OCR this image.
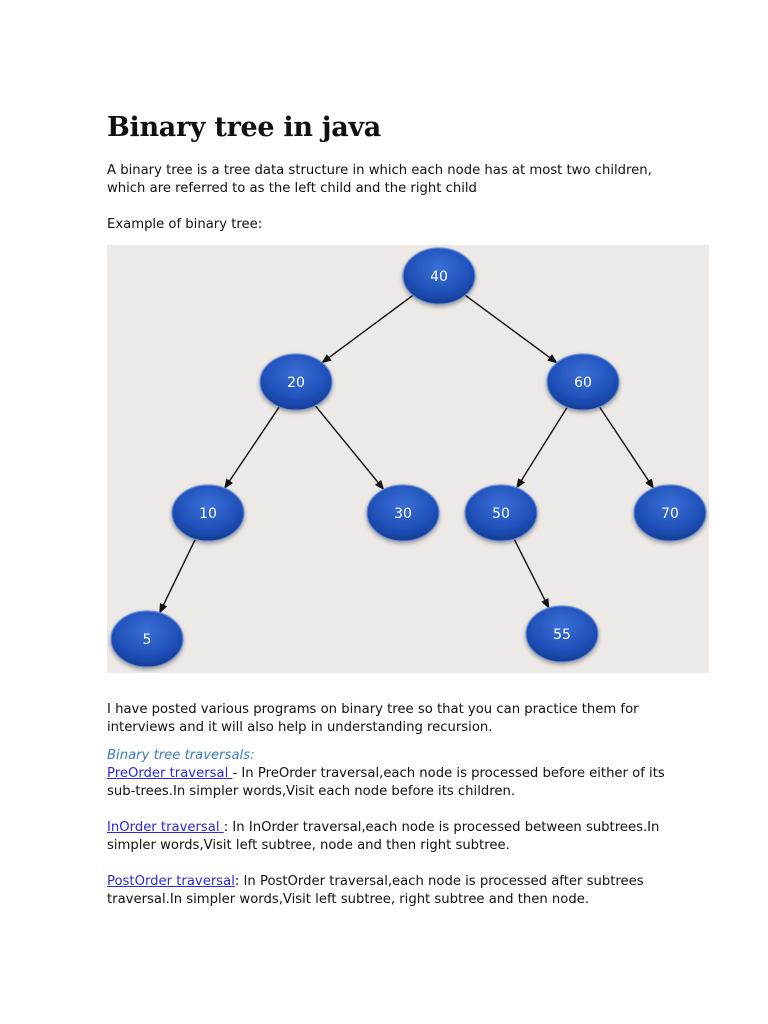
Binary tree in java

A binary tree is a tree data structure in which each node has at most two children, which are referred to as the left child and the right child

Example of binary tree:

40
20	60
10	30	50	70
5	55

I have posted various programs on binary tree so that you can practice them for interviews and it will also help in understanding recursion.

Binary tree traversals:

PreOrder traversal - In PreOrder traversal,each node is processed before either of its sub-trees.In simpler words,Visit each node before its children.

InOrder traversal : In InOrder traversal,each node is processed between subtrees.In simpler words,Visit left subtree, node and then right subtree.

PostOrder traversal: In PostOrder traversal,each node is processed after subtrees traversal.In simpler words,Visit left subtree, right subtree and then node.
